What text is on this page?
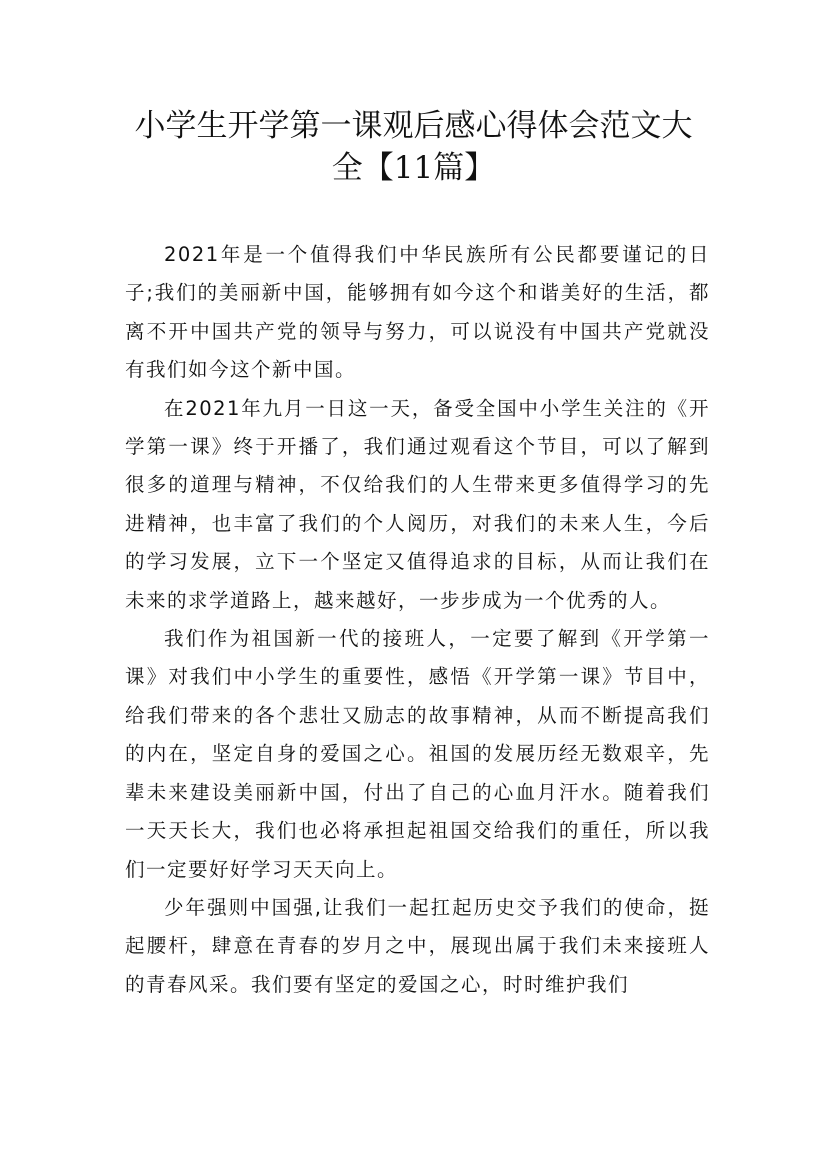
小学生开学第一课观后感心得体会范文大
全【11篇】

2021年是一个值得我们中华民族所有公民都要谨记的日子;我们的美丽新中国，能够拥有如今这个和谐美好的生活，都离不开中国共产党的领导与努力，可以说没有中国共产党就没有我们如今这个新中国。

在2021年九月一日这一天，备受全国中小学生关注的《开学第一课》终于开播了，我们通过观看这个节目，可以了解到很多的道理与精神，不仅给我们的人生带来更多值得学习的先进精神，也丰富了我们的个人阅历，对我们的未来人生，今后的学习发展，立下一个坚定又值得追求的目标，从而让我们在未来的求学道路上，越来越好，一步步成为一个优秀的人。

我们作为祖国新一代的接班人，一定要了解到《开学第一课》对我们中小学生的重要性，感悟《开学第一课》节目中，给我们带来的各个悲壮又励志的故事精神，从而不断提高我们的内在，坚定自身的爱国之心。祖国的发展历经无数艰辛，先辈未来建设美丽新中国，付出了自己的心血月汗水。随着我们一天天长大，我们也必将承担起祖国交给我们的重任，所以我们一定要好好学习天天向上。

少年强则中国强,让我们一起扛起历史交予我们的使命，挺起腰杆，肆意在青春的岁月之中，展现出属于我们未来接班人的青春风采。我们要有坚定的爱国之心，时时维护我们
